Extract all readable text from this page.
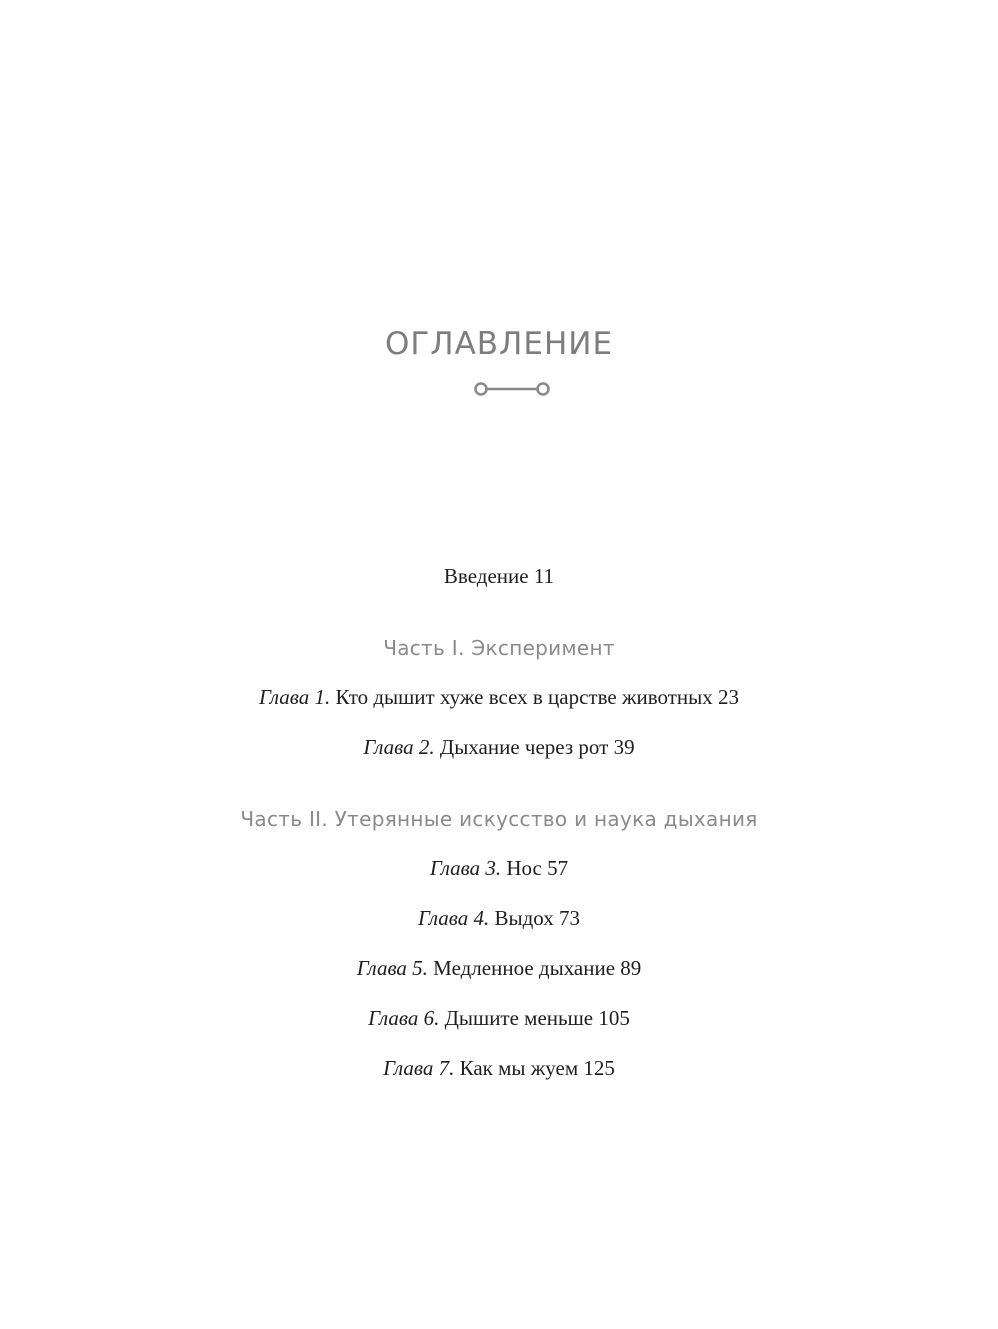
ОГЛАВЛЕНИЕ
Введение 11
Часть I. Эксперимент
Глава 1. Кто дышит хуже всех в царстве животных 23
Глава 2. Дыхание через рот 39
Часть II. Утерянные искусство и наука дыхания
Глава 3. Нос 57
Глава 4. Выдох 73
Глава 5. Медленное дыхание 89
Глава 6. Дышите меньше 105
Глава 7. Как мы жуем 125
